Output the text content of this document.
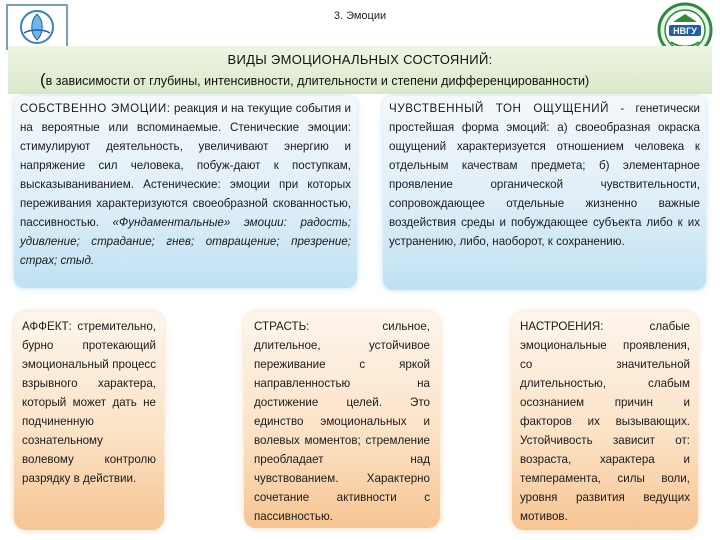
3. Эмоции
НВГУ
ВИДЫ ЭМОЦИОНАЛЬНЫХ СОСТОЯНИЙ:
(в зависимости от глубины, интенсивности, длительности и степени дифференцированности)

СОБСТВЕННО ЭМОЦИИ: реакция и на текущие события и на вероятные или вспоминаемые. Стенические эмоции: стимулируют деятельность, увеличивают энергию и напряжение сил человека, побуж-дают к поступкам, высказываниванием. Астенические: эмоции при которых переживания характеризуются своеобразной скованностью, пассивностью. «Фундаментальные» эмоции: радость; удивление; страдание; гнев; отвращение; презрение; страх; стыд.

ЧУВСТВЕННЫЙ ТОН ОЩУЩЕНИЙ - генетически простейшая форма эмоций: а) своеобразная окраска ощущений характеризуется отношением человека к отдельным качествам предмета; б) элементарное проявление органической чувствительности, сопровождающее отдельные жизненно важные воздействия среды и побуждающее субъекта либо к их устранению, либо, наоборот, к сохранению.

АФФЕКТ: стремительно, бурно протекающий эмоциональный процесс взрывного характера, который может дать не подчиненную сознательному волевому контролю разрядку в действии.

СТРАСТЬ: сильное, длительное, устойчивое переживание с яркой направленностью на достижение целей. Это единство эмоциональных и волевых моментов; стремление преобладает над чувствованием. Характерно сочетание активности с пассивностью.

НАСТРОЕНИЯ: слабые эмоциональные проявления, со значительной длительностью, слабым осознанием причин и факторов их вызывающих. Устойчивость зависит от: возраста, характера и темперамента, силы воли, уровня развития ведущих мотивов.
